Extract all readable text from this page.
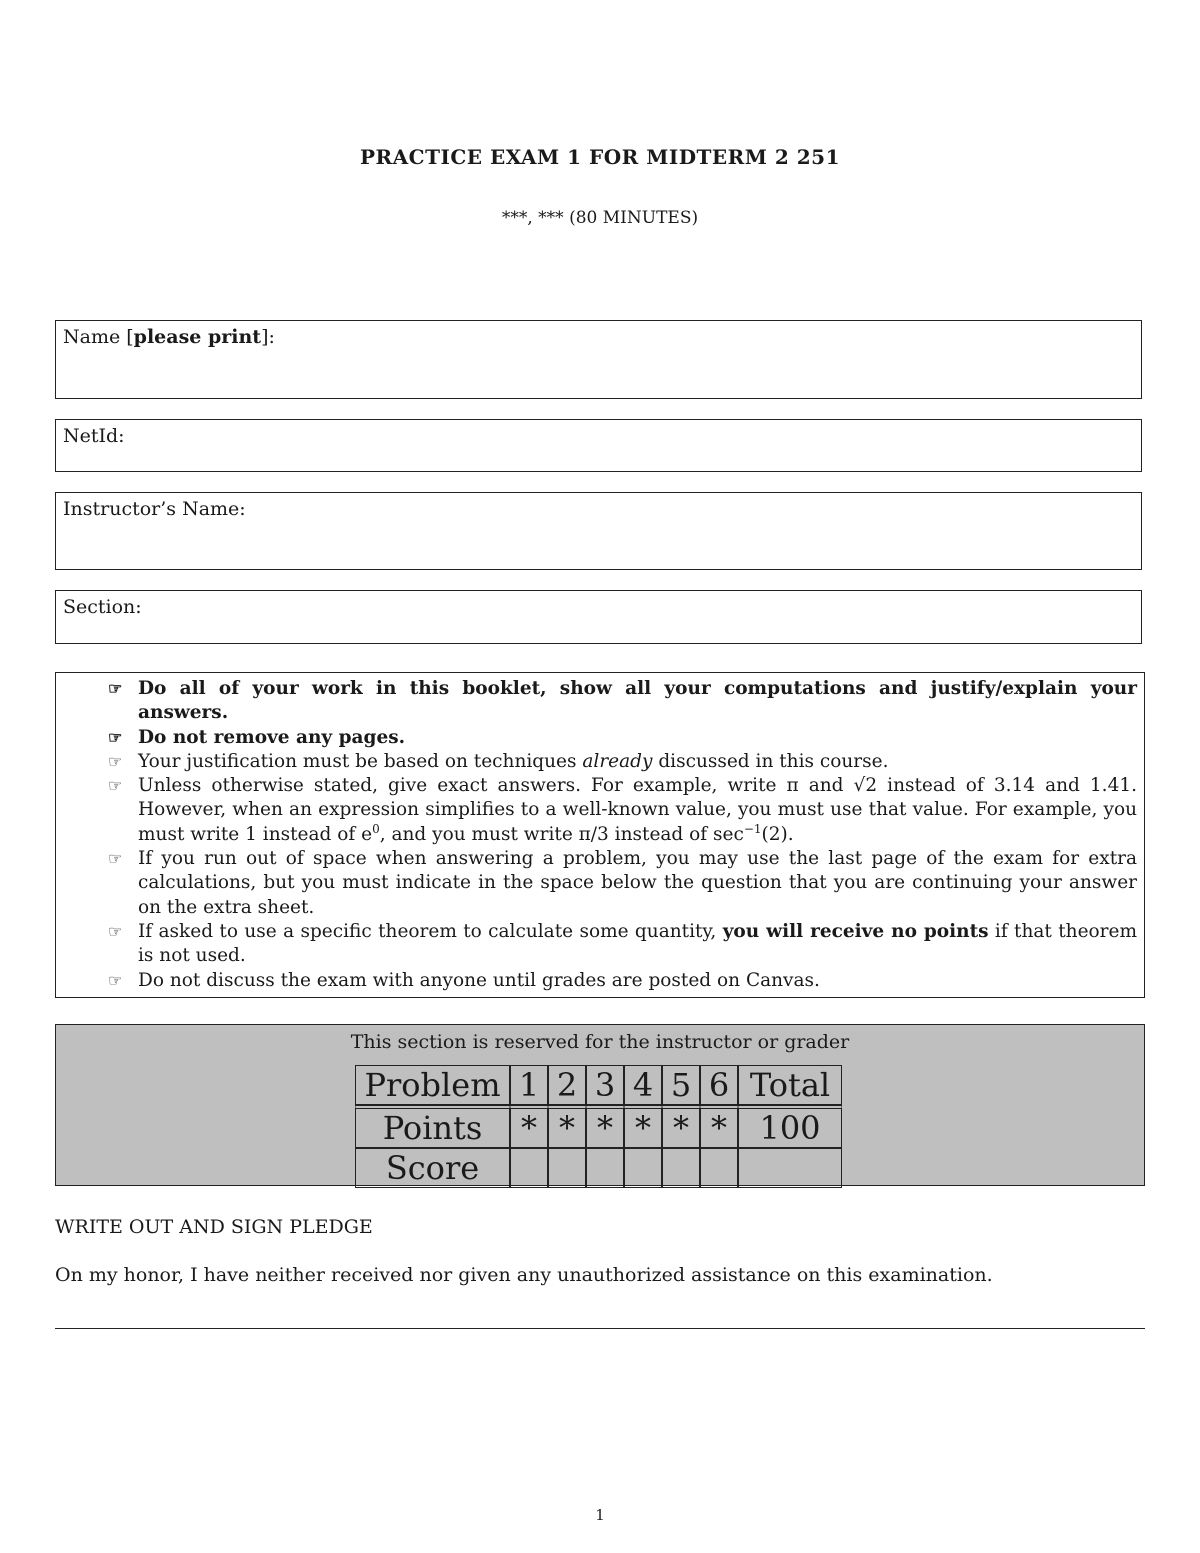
PRACTICE EXAM 1 FOR MIDTERM 2 251
***, *** (80 MINUTES)
Name [please print]:
NetId:
Instructor’s Name:
Section:
☞ Do all of your work in this booklet, show all your computations and justify/explain your answers.
☞ Do not remove any pages.
☞ Your justification must be based on techniques already discussed in this course.
☞ Unless otherwise stated, give exact answers. For example, write π and √2 instead of 3.14 and 1.41. However, when an expression simplifies to a well-known value, you must use that value. For example, you must write 1 instead of $e^0$, and you must write π/3 instead of $\sec^{-1}(2)$.
☞ If you run out of space when answering a problem, you may use the last page of the exam for extra calculations, but you must indicate in the space below the question that you are continuing your answer on the extra sheet.
☞ If asked to use a specific theorem to calculate some quantity, you will receive no points if that theorem is not used.
☞ Do not discuss the exam with anyone until grades are posted on Canvas.
This section is reserved for the instructor or grader
Problem	1	2	3	4	5	6	Total
Points	*	*	*	*	*	*	100
Score							
WRITE OUT AND SIGN PLEDGE
On my honor, I have neither received nor given any unauthorized assistance on this examination.
1
